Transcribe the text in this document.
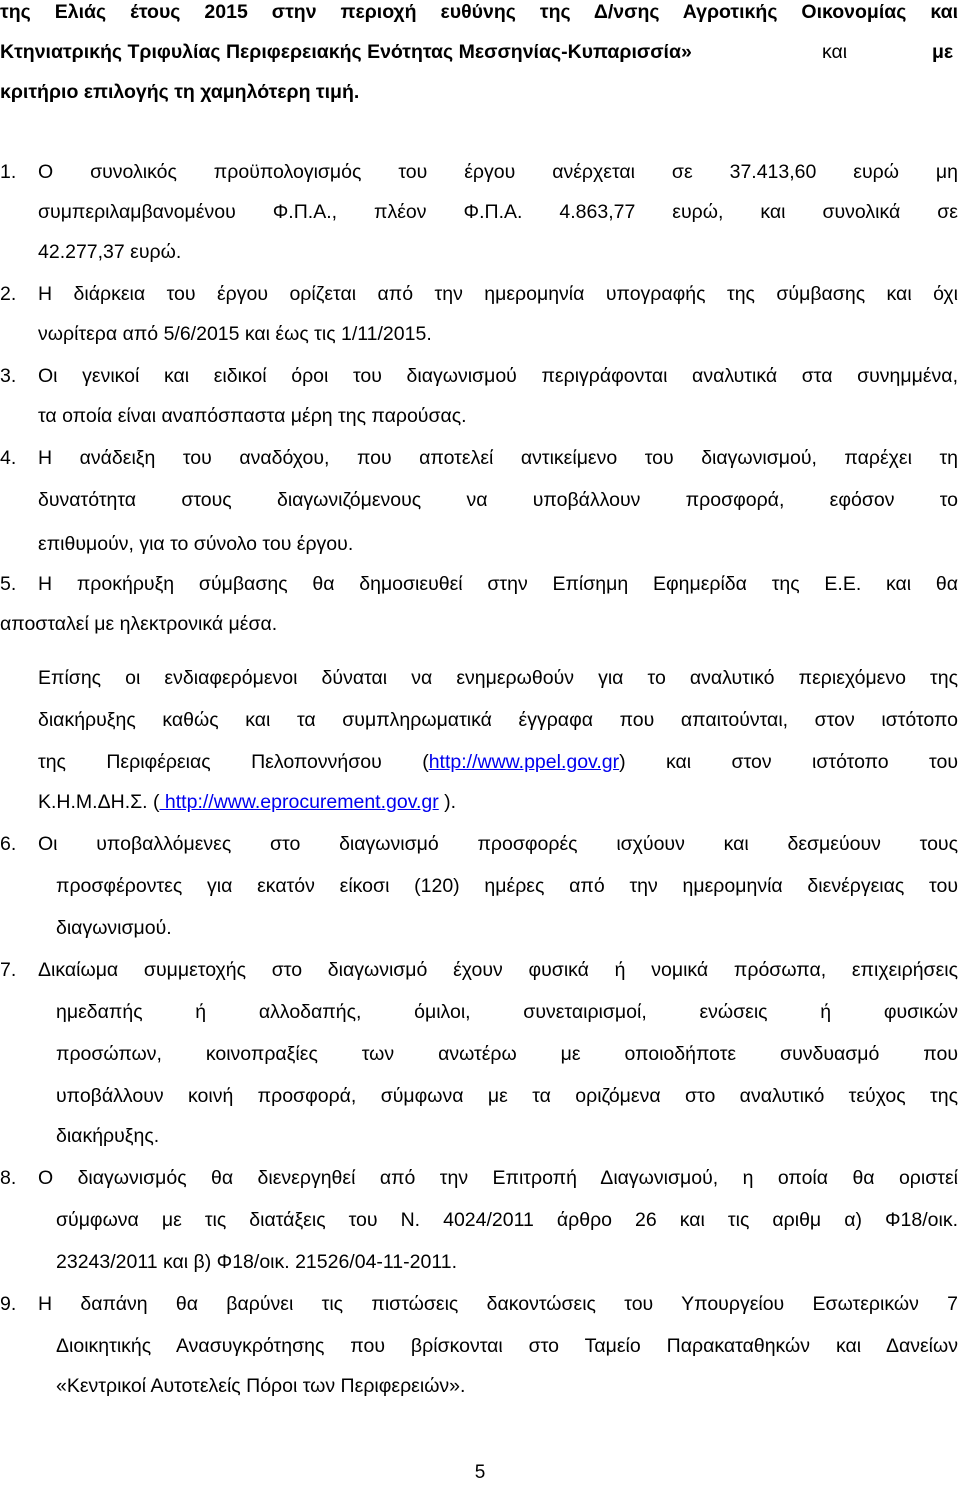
της Ελιάς έτους 2015 στην περιοχή ευθύνης της Δ/νσης Αγροτικής Οικονομίας και
Κτηνιατρικής Τριφυλίας Περιφερειακής Ενότητας Μεσσηνίας-Κυπαρισσία»	και	με
κριτήριο επιλογής τη χαμηλότερη τιμή.
1. Ο συνολικός προϋπολογισμός του έργου ανέρχεται σε 37.413,60 ευρώ μη
συμπεριλαμβανομένου Φ.Π.Α., πλέον Φ.Π.Α. 4.863,77 ευρώ, και συνολικά σε
42.277,37 ευρώ.
2. Η διάρκεια του έργου ορίζεται από την ημερομηνία υπογραφής της σύμβασης και όχι
νωρίτερα από 5/6/2015 και έως τις 1/11/2015.
3. Οι γενικοί και ειδικοί όροι του διαγωνισμού περιγράφονται αναλυτικά στα συνημμένα,
τα οποία είναι αναπόσπαστα μέρη της παρούσας.
4. Η ανάδειξη του αναδόχου, που αποτελεί αντικείμενο του διαγωνισμού, παρέχει τη
δυνατότητα στους διαγωνιζόμενους να υποβάλλουν προσφορά, εφόσον το
επιθυμούν, για το σύνολο του έργου.
5. Η προκήρυξη σύμβασης θα δημοσιευθεί στην Επίσημη Εφημερίδα της Ε.Ε. και θα
αποσταλεί με ηλεκτρονικά μέσα.
Επίσης οι ενδιαφερόμενοι δύναται να ενημερωθούν για το αναλυτικό περιεχόμενο της
διακήρυξης καθώς και τα συμπληρωματικά έγγραφα που απαιτούνται, στον ιστότοπο
της Περιφέρειας Πελοποννήσου (http://www.ppel.gov.gr) και στον ιστότοπο του
Κ.Η.Μ.ΔΗ.Σ. ( http://www.eprocurement.gov.gr ).
6. Οι υποβαλλόμενες στο διαγωνισμό προσφορές ισχύουν και δεσμεύουν τους
προσφέροντες για εκατόν είκοσι (120) ημέρες από την ημερομηνία διενέργειας του
διαγωνισμού.
7. Δικαίωμα συμμετοχής στο διαγωνισμό έχουν φυσικά ή νομικά πρόσωπα, επιχειρήσεις
ημεδαπής ή αλλοδαπής, όμιλοι, συνεταιρισμοί, ενώσεις ή φυσικών
προσώπων, κοινοπραξίες των ανωτέρω με οποιοδήποτε συνδυασμό που
υποβάλλουν κοινή προσφορά, σύμφωνα με τα οριζόμενα στο αναλυτικό τεύχος της
διακήρυξης.
8. Ο διαγωνισμός θα διενεργηθεί από την Επιτροπή Διαγωνισμού, η οποία θα οριστεί
σύμφωνα με τις διατάξεις του Ν. 4024/2011 άρθρο 26 και τις αριθμ α) Φ18/οικ.
23243/2011 και β) Φ18/οικ. 21526/04-11-2011.
9. Η δαπάνη θα βαρύνει τις πιστώσεις δακοντώσεις του Υπουργείου Εσωτερικών 7
Διοικητικής Ανασυγκρότησης που βρίσκονται στο Ταμείο Παρακαταθηκών και Δανείων
«Κεντρικοί Αυτοτελείς Πόροι των Περιφερειών».
5
